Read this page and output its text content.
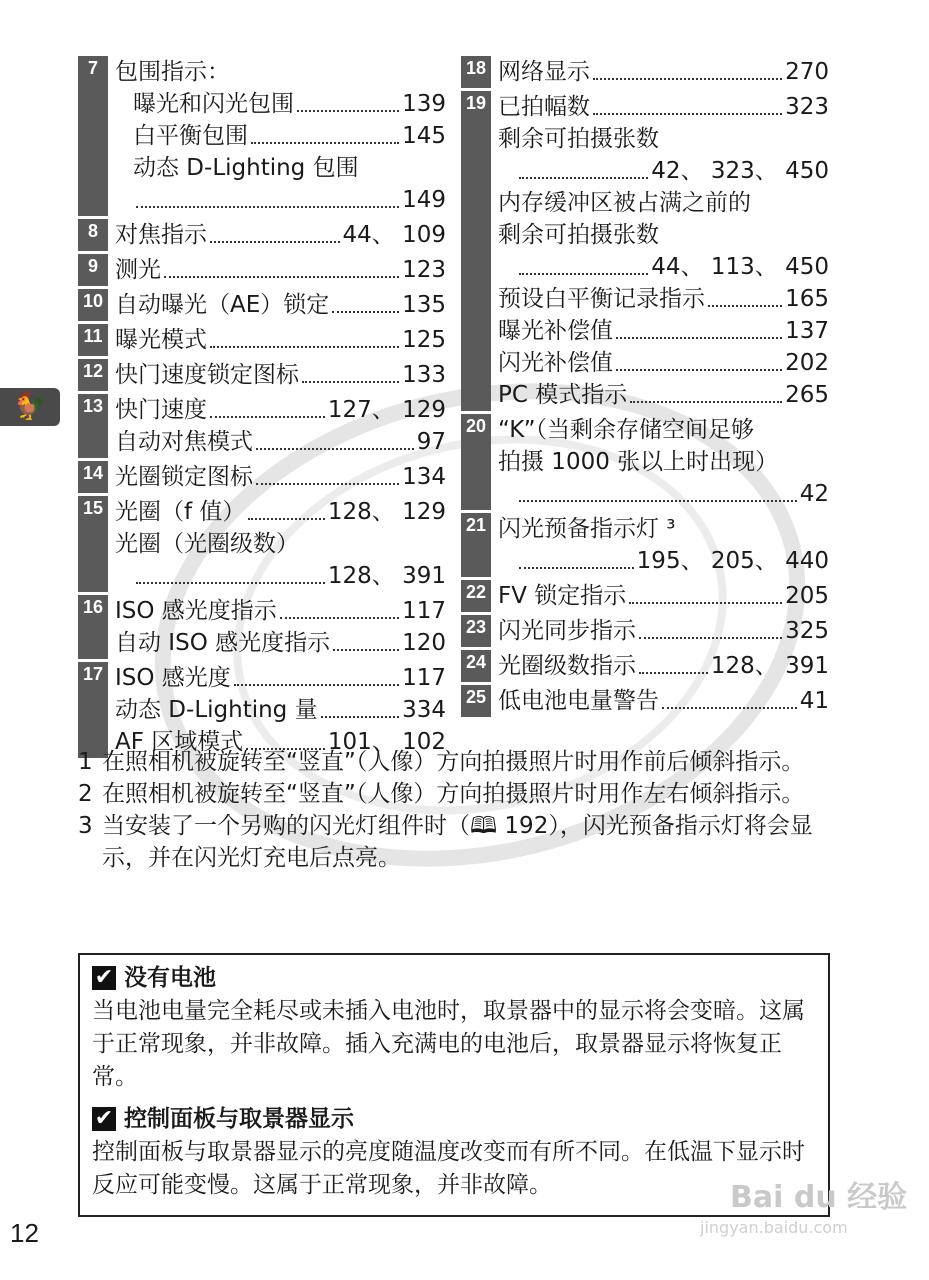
🐓
7 包围指示：
曝光和闪光包围	139
白平衡包围	145
动态 D-Lighting 包围
149
8 对焦指示	44、 109
9 测光	123
10 自动曝光（AE）锁定	135
11 曝光模式	125
12 快门速度锁定图标	133
13 快门速度	127、 129
自动对焦模式	97
14 光圈锁定图标	134
15 光圈（f 值）	128、 129
光圈（光圈级数）
128、 391
16 ISO 感光度指示	117
自动 ISO 感光度指示	120
17 ISO 感光度	117
动态 D-Lighting 量	334
AF 区域模式	101、 102
18 网络显示	270
19 已拍幅数	323
剩余可拍摄张数
42、 323、 450
内存缓冲区被占满之前的
剩余可拍摄张数
44、 113、 450
预设白平衡记录指示	165
曝光补偿值	137
闪光补偿值	202
PC 模式指示	265
20 “K”（当剩余存储空间足够
拍摄 1000 张以上时出现）
42
21 闪光预备指示灯 ³
195、 205、 440
22 FV 锁定指示	205
23 闪光同步指示	325
24 光圈级数指示	128、 391
25 低电池电量警告	41
1 在照相机被旋转至“竖直”（人像）方向拍摄照片时用作前后倾斜指示。
2 在照相机被旋转至“竖直”（人像）方向拍摄照片时用作左右倾斜指示。
3 当安装了一个另购的闪光灯组件时（🕮 192），闪光预备指示灯将会显示，并在闪光灯充电后点亮。
✔ 没有电池
当电池电量完全耗尽或未插入电池时，取景器中的显示将会变暗。这属于正常现象，并非故障。插入充满电的电池后，取景器显示将恢复正常。
✔ 控制面板与取景器显示
控制面板与取景器显示的亮度随温度改变而有所不同。在低温下显示时反应可能变慢。这属于正常现象，并非故障。	Bai du 经验
jingyan.baidu.com
12
